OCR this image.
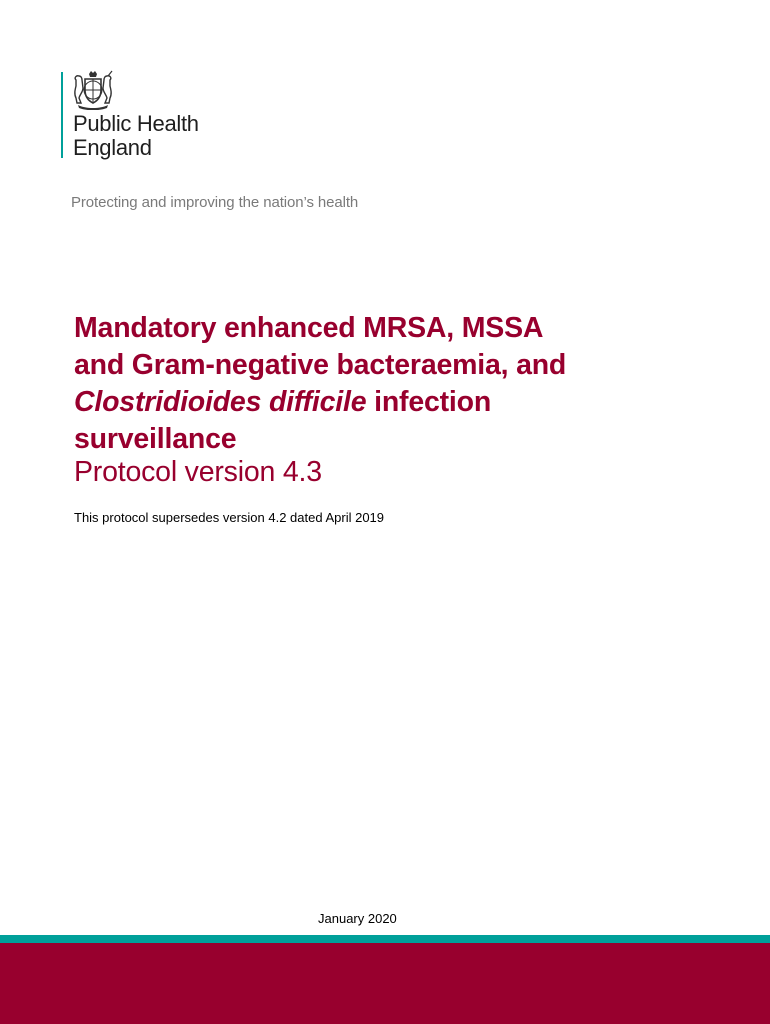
Public Health
England
Protecting and improving the nation’s health
Mandatory enhanced MRSA, MSSA
and Gram-negative bacteraemia, and
Clostridioides difficile infection
surveillance
Protocol version 4.3
This protocol supersedes version 4.2 dated April 2019
January 2020
